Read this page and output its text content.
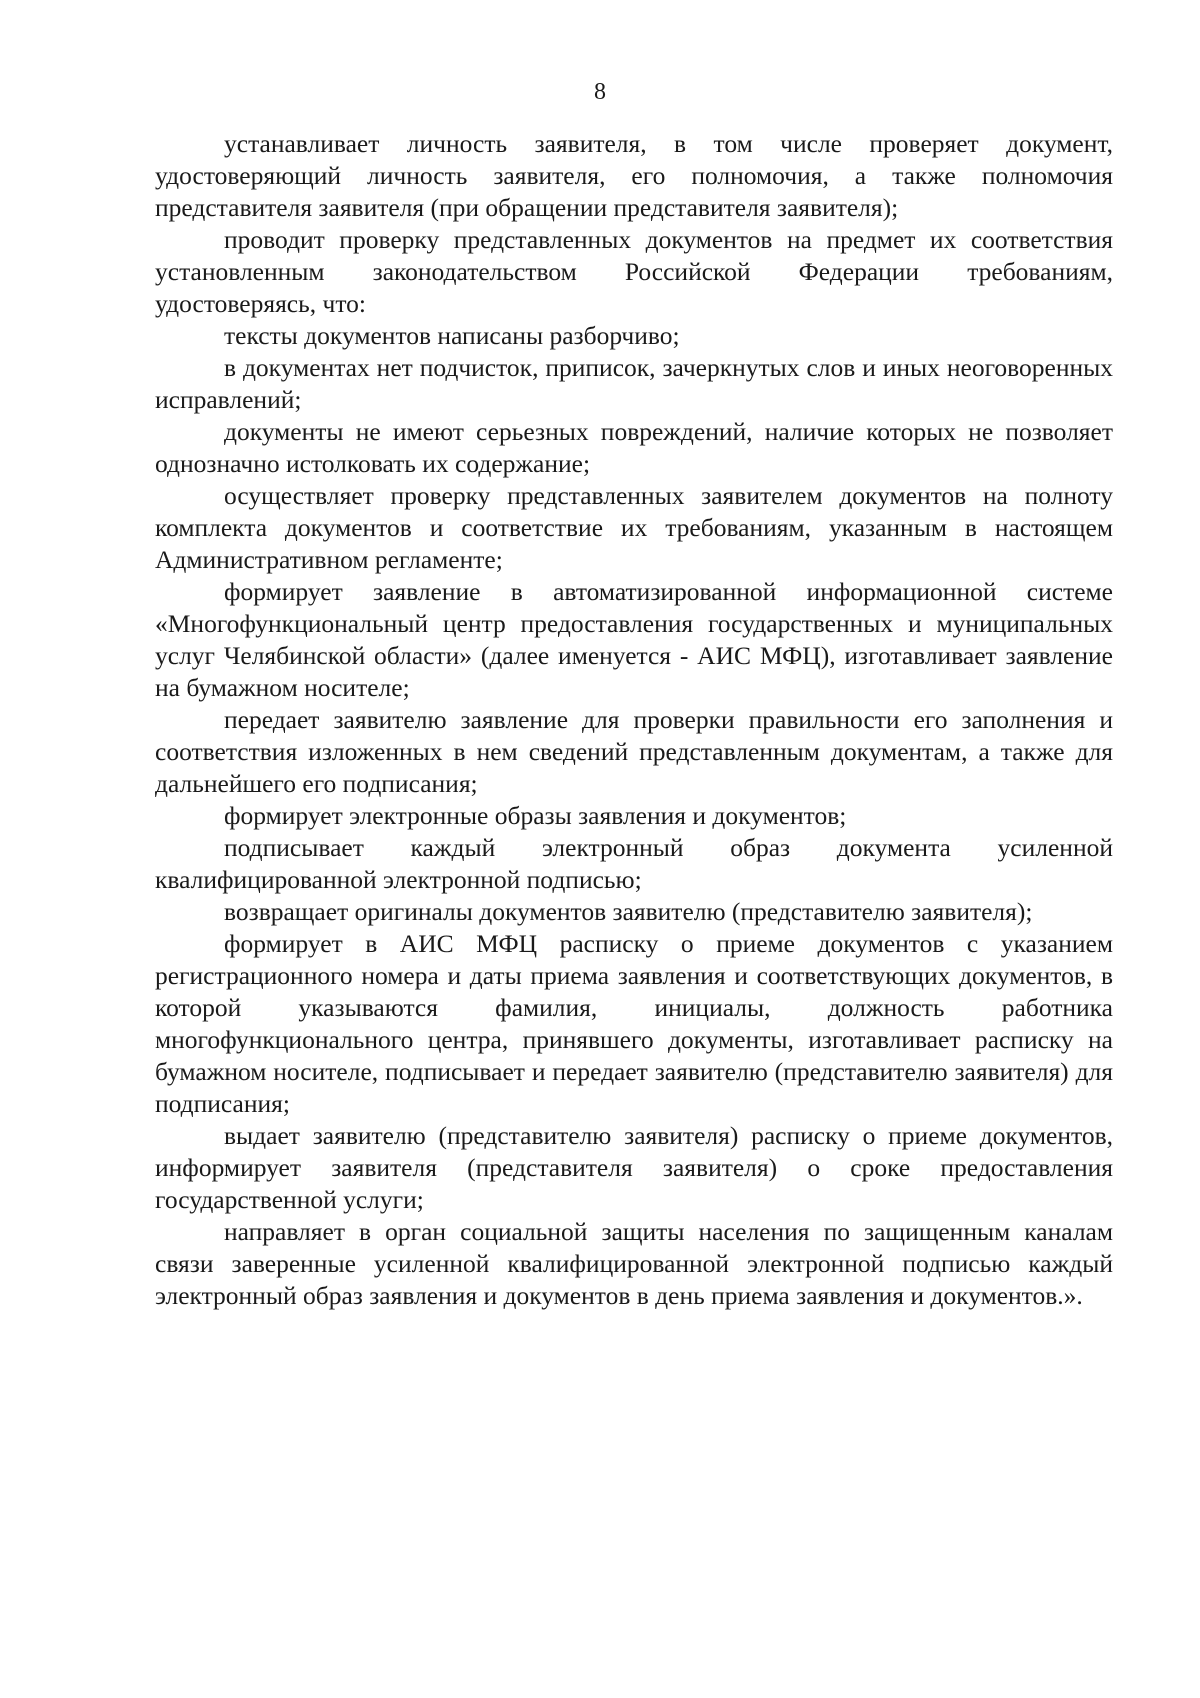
8

устанавливает личность заявителя, в том числе проверяет документ, удостоверяющий личность заявителя, его полномочия, а также полномочия представителя заявителя (при обращении представителя заявителя);

проводит проверку представленных документов на предмет их соответствия установленным законодательством Российской Федерации требованиям, удостоверяясь, что:

тексты документов написаны разборчиво;

в документах нет подчисток, приписок, зачеркнутых слов и иных неоговоренных исправлений;

документы не имеют серьезных повреждений, наличие которых не позволяет однозначно истолковать их содержание;

осуществляет проверку представленных заявителем документов на полноту комплекта документов и соответствие их требованиям, указанным в настоящем Административном регламенте;

формирует заявление в автоматизированной информационной системе «Многофункциональный центр предоставления государственных и муниципальных услуг Челябинской области» (далее именуется - АИС МФЦ), изготавливает заявление на бумажном носителе;

передает заявителю заявление для проверки правильности его заполнения и соответствия изложенных в нем сведений представленным документам, а также для дальнейшего его подписания;

формирует электронные образы заявления и документов;

подписывает каждый электронный образ документа усиленной квалифицированной электронной подписью;

возвращает оригиналы документов заявителю (представителю заявителя);

формирует в АИС МФЦ расписку о приеме документов с указанием регистрационного номера и даты приема заявления и соответствующих документов, в которой указываются фамилия, инициалы, должность работника многофункционального центра, принявшего документы, изготавливает расписку на бумажном носителе, подписывает и передает заявителю (представителю заявителя) для подписания;

выдает заявителю (представителю заявителя) расписку о приеме документов, информирует заявителя (представителя заявителя) о сроке предоставления государственной услуги;

направляет в орган социальной защиты населения по защищенным каналам связи заверенные усиленной квалифицированной электронной подписью каждый электронный образ заявления и документов в день приема заявления и документов.».
